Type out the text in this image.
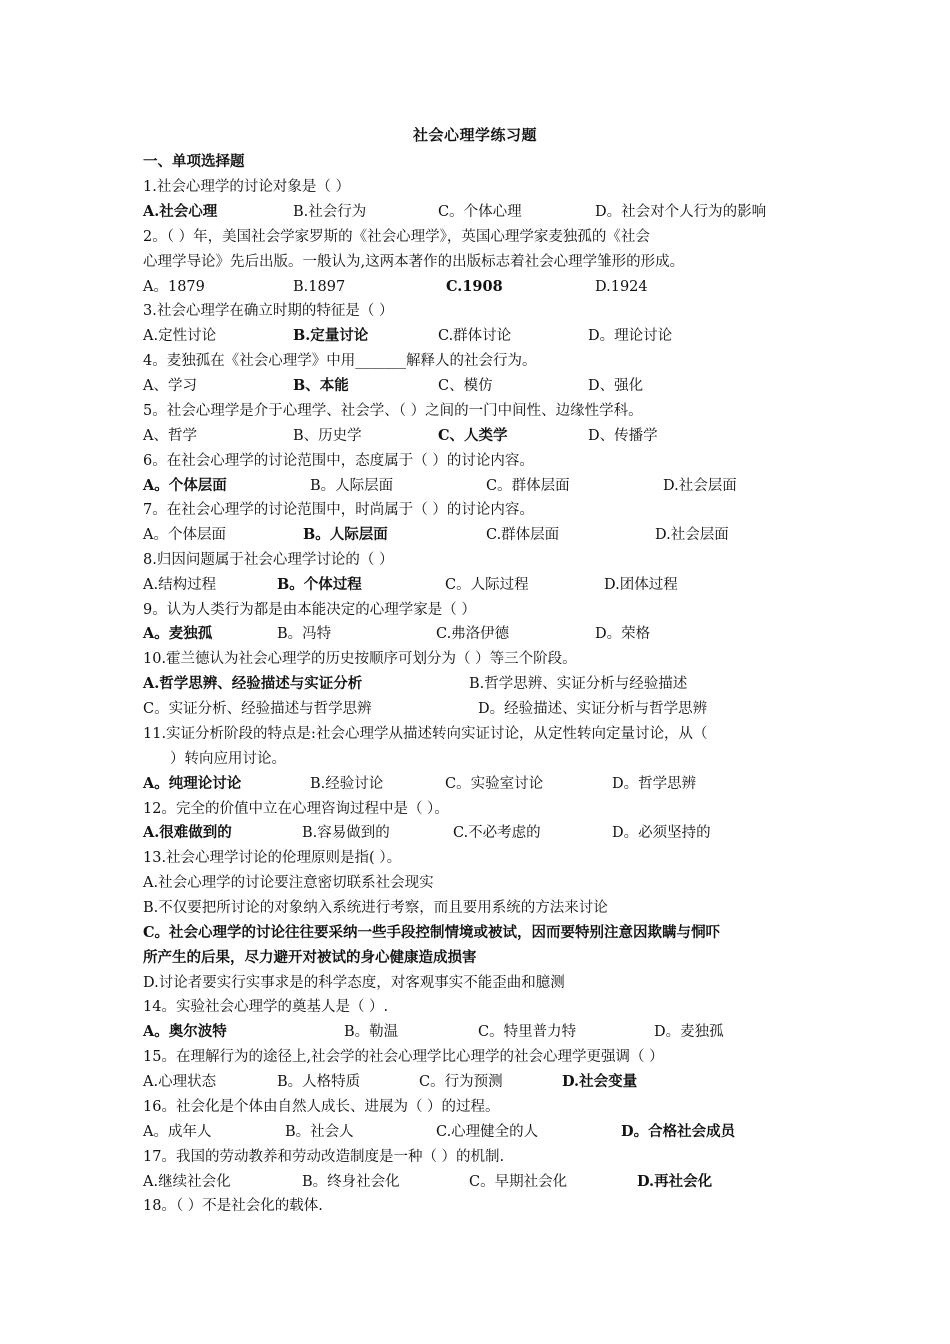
社会心理学练习题
一、单项选择题
1.社会心理学的讨论对象是（ ）
A.社会心理	B.社会行为	C。个体心理	D。社会对个人行为的影响
2。（ ）年，美国社会学家罗斯的《社会心理学》，英国心理学家麦独孤的《社会
心理学导论》先后出版。一般认为,这两本著作的出版标志着社会心理学雏形的形成。
A。1879	B.1897	C.1908	D.1924
3.社会心理学在确立时期的特征是（ ）
A.定性讨论	B.定量讨论	C.群体讨论	D。理论讨论
4。麦独孤在《社会心理学》中用_______解释人的社会行为。
A、学习	B、本能	C、模仿	D、强化
5。社会心理学是介于心理学、社会学、（ ）之间的一门中间性、边缘性学科。
A、哲学	B、历史学	C、人类学	D、传播学
6。在社会心理学的讨论范围中，态度属于（ ）的讨论内容。
A。个体层面	B。人际层面	C。群体层面	D.社会层面
7。在社会心理学的讨论范围中，时尚属于（ ）的讨论内容。
A。个体层面	B。人际层面	C.群体层面	D.社会层面
8.归因问题属于社会心理学讨论的（ ）
A.结构过程	B。个体过程	C。人际过程	D.团体过程
9。认为人类行为都是由本能决定的心理学家是（ ）
A。麦独孤	B。冯特	C.弗洛伊德	D。荣格
10.霍兰德认为社会心理学的历史按顺序可划分为（ ）等三个阶段。
A.哲学思辨、经验描述与实证分析	B.哲学思辨、实证分析与经验描述
C。实证分析、经验描述与哲学思辨	D。经验描述、实证分析与哲学思辨
11.实证分析阶段的特点是:社会心理学从描述转向实证讨论，从定性转向定量讨论，从（
）转向应用讨论。
A。纯理论讨论	B.经验讨论	C。实验室讨论	D。哲学思辨
12。完全的价值中立在心理咨询过程中是（ ）。
A.很难做到的	B.容易做到的	C.不必考虑的	D。必须坚持的
13.社会心理学讨论的伦理原则是指( ）。
A.社会心理学的讨论要注意密切联系社会现实
B.不仅要把所讨论的对象纳入系统进行考察，而且要用系统的方法来讨论
C。社会心理学的讨论往往要采纳一些手段控制情境或被试，因而要特别注意因欺瞒与恫吓
所产生的后果，尽力避开对被试的身心健康造成损害
D.讨论者要实行实事求是的科学态度，对客观事实不能歪曲和臆测
14。实验社会心理学的奠基人是（ ）.
A。奥尔波特	B。勒温	C。特里普力特	D。麦独孤
15。在理解行为的途径上,社会学的社会心理学比心理学的社会心理学更强调（ ）
A.心理状态	B。人格特质	C。行为预测	D.社会变量
16。社会化是个体由自然人成长、进展为（ ）的过程。
A。成年人	B。社会人	C.心理健全的人	D。合格社会成员
17。我国的劳动教养和劳动改造制度是一种（ ）的机制.
A.继续社会化	B。终身社会化	C。早期社会化	D.再社会化
18。（ ）不是社会化的载体.
